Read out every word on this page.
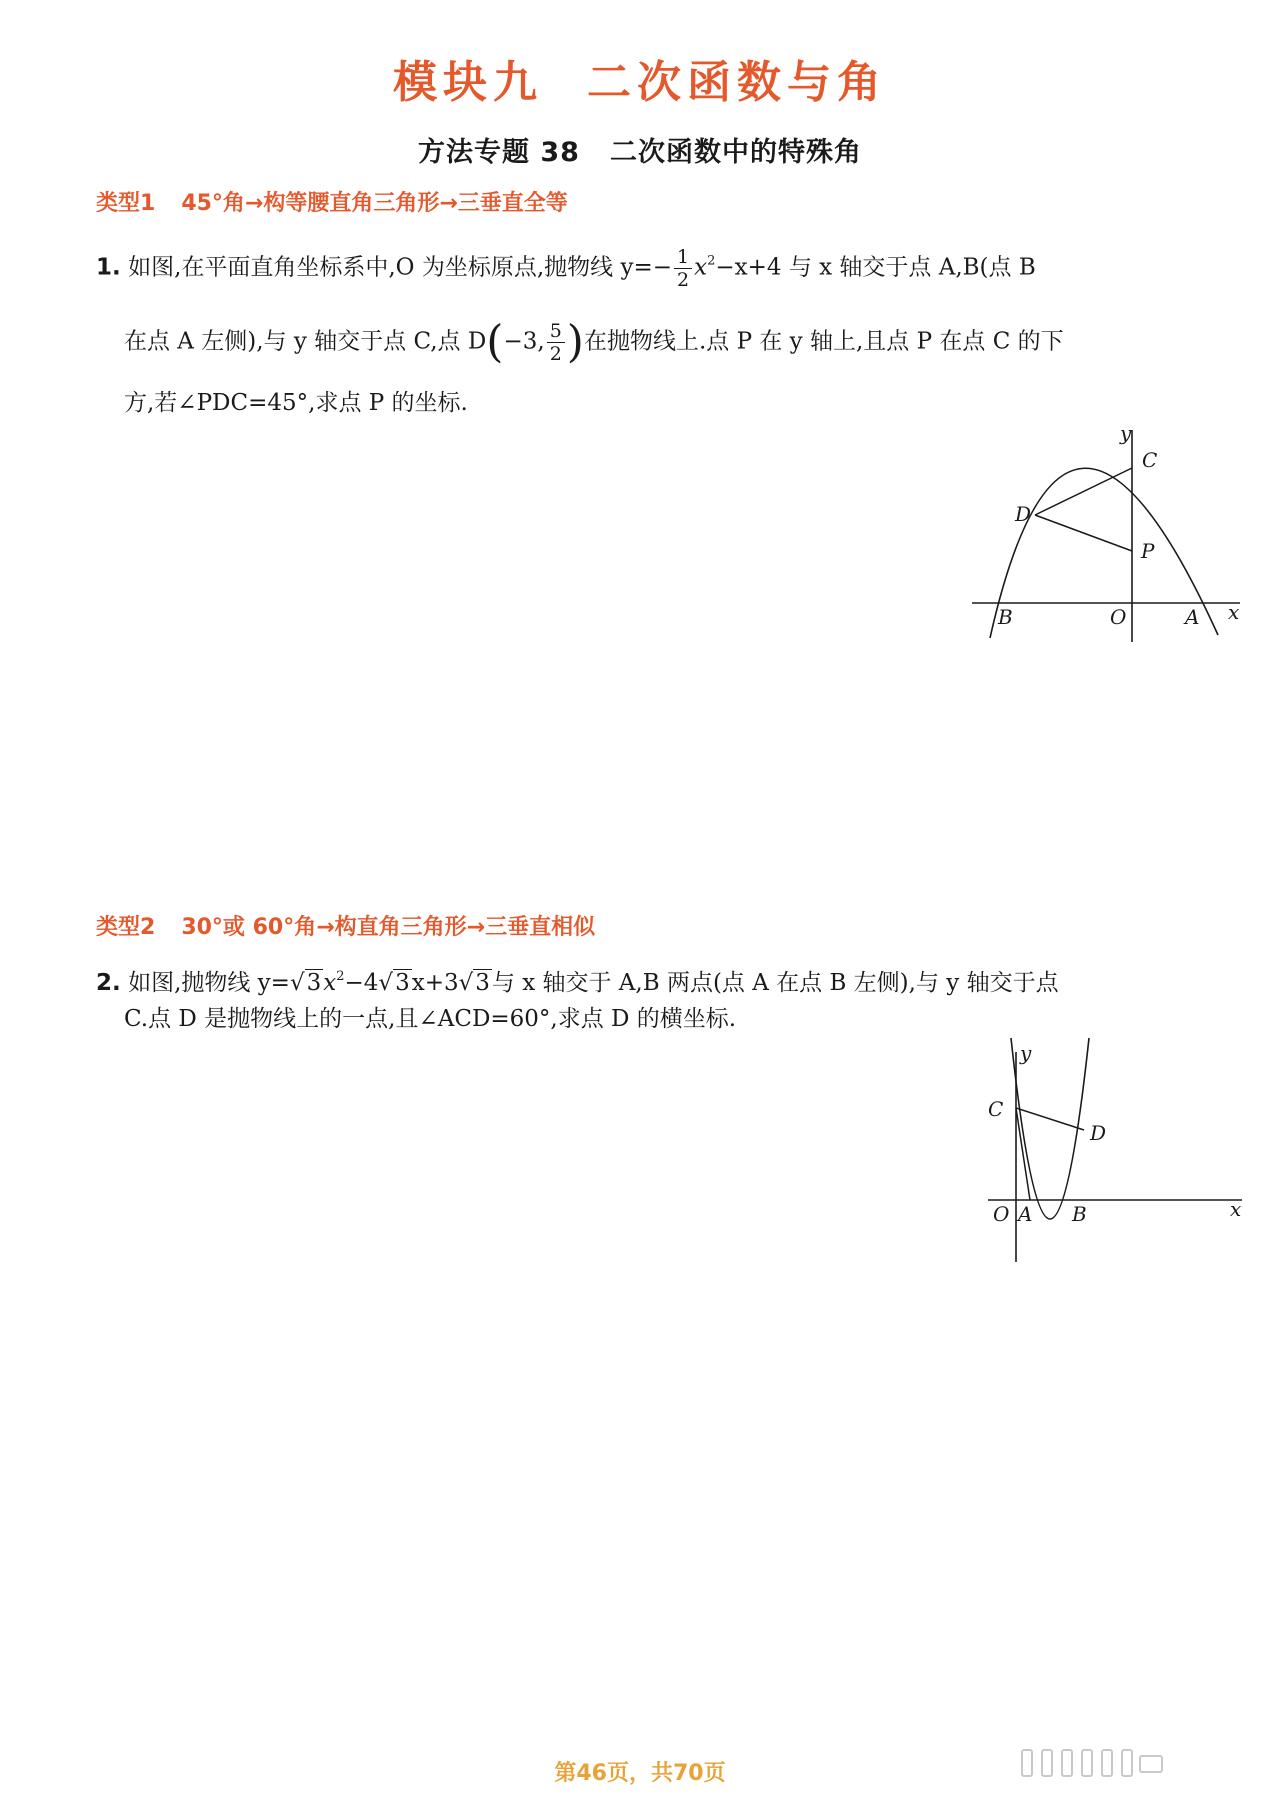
模块九 二次函数与角
方法专题 38 二次函数中的特殊角
类型1 45°角→构等腰直角三角形→三垂直全等
1. 如图,在平面直角坐标系中,O 为坐标原点,抛物线 $y=- \frac{1}{2} x^2-x+4$ 与 x 轴交于点 A,B(点 B
在点 A 左侧),与 y 轴交于点 C,点 D(−3, $\frac{5}{2}$ )在抛物线上.点 P 在 y 轴上,且点 P 在点 C 的下
方,若∠PDC=45°,求点 P 的坐标.
y
C
D
P
B	O	A x
类型2 30°或 60°角→构直角三角形→三垂直相似
2. 如图,抛物线 $y=√3x^2-4√3x+3√3$与 x 轴交于 A,B 两点(点 A 在点 B 左侧),与 y 轴交于点
C.点 D 是抛物线上的一点,且∠ACD=60°,求点 D 的横坐标.
y
C
D
O A B	x
第46页，共70页
